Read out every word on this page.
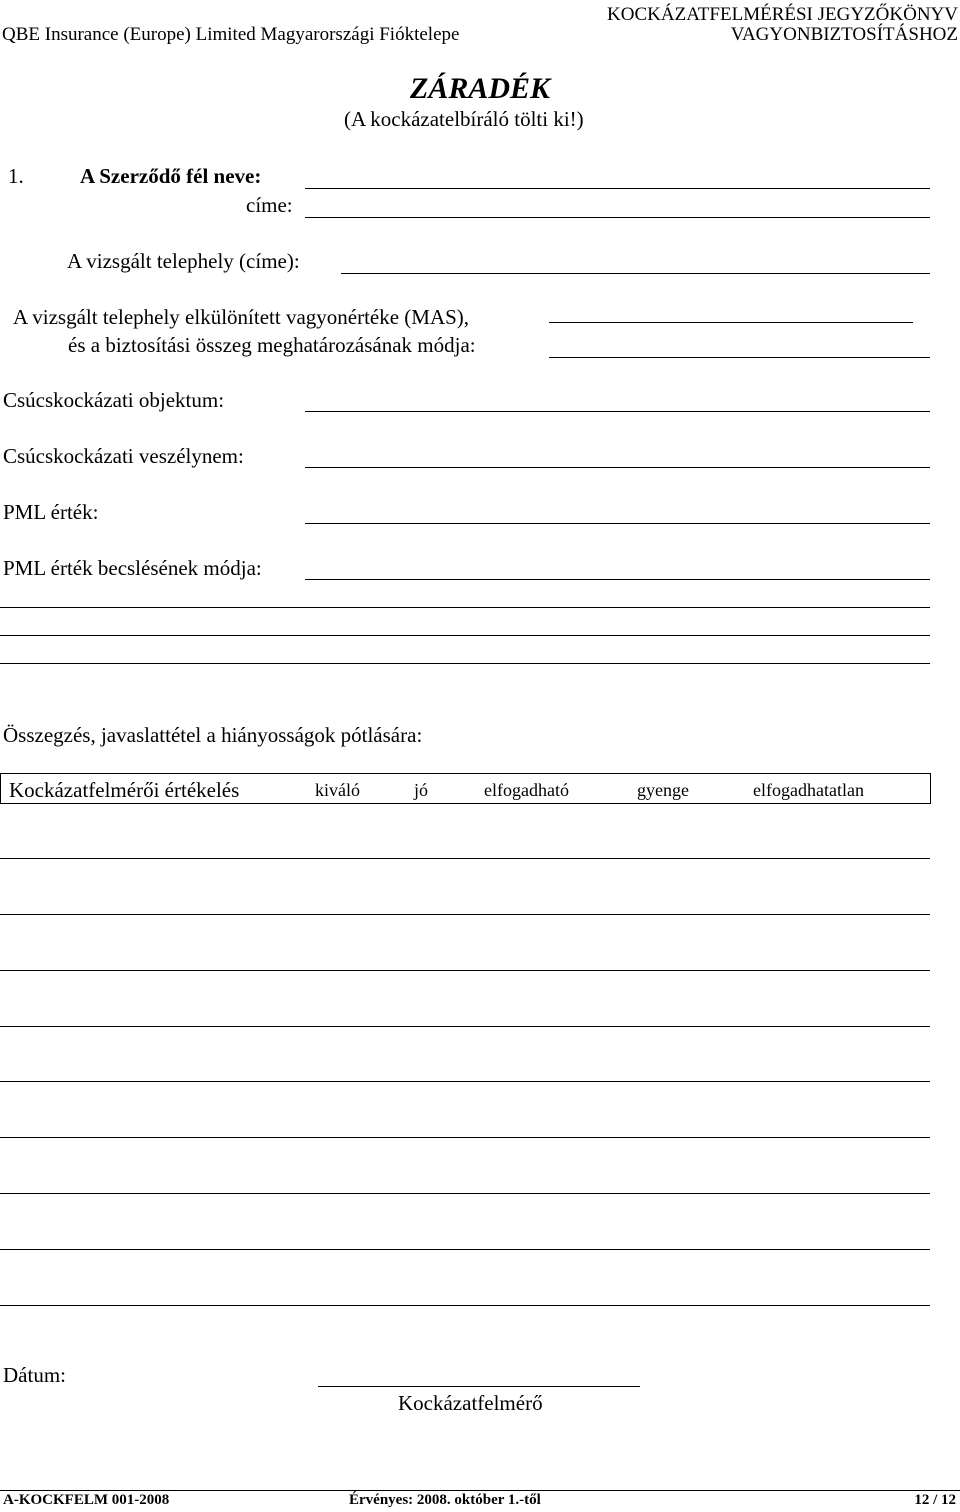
QBE Insurance (Europe) Limited Magyarországi Fióktelepe
KOCKÁZATFELMÉRÉSI JEGYZŐKÖNYV
VAGYONBIZTOSÍTÁSHOZ
ZÁRADÉK
(A kockázatelbíráló tölti ki!)
1.	A Szerződő fél neve:
címe:
A vizsgált telephely (címe):
A vizsgált telephely elkülönített vagyonértéke (MAS),
és a biztosítási összeg meghatározásának módja:
Csúcskockázati objektum:
Csúcskockázati veszélynem:
PML érték:
PML érték becslésének módja:
Összegzés, javaslattétel a hiányosságok pótlására:
Kockázatfelmérői értékelés	kiváló	jó	elfogadható	gyenge	elfogadhatatlan
Dátum:
Kockázatfelmérő
A-KOCKFELM 001-2008	Érvényes: 2008. október 1.-től	12 / 12
